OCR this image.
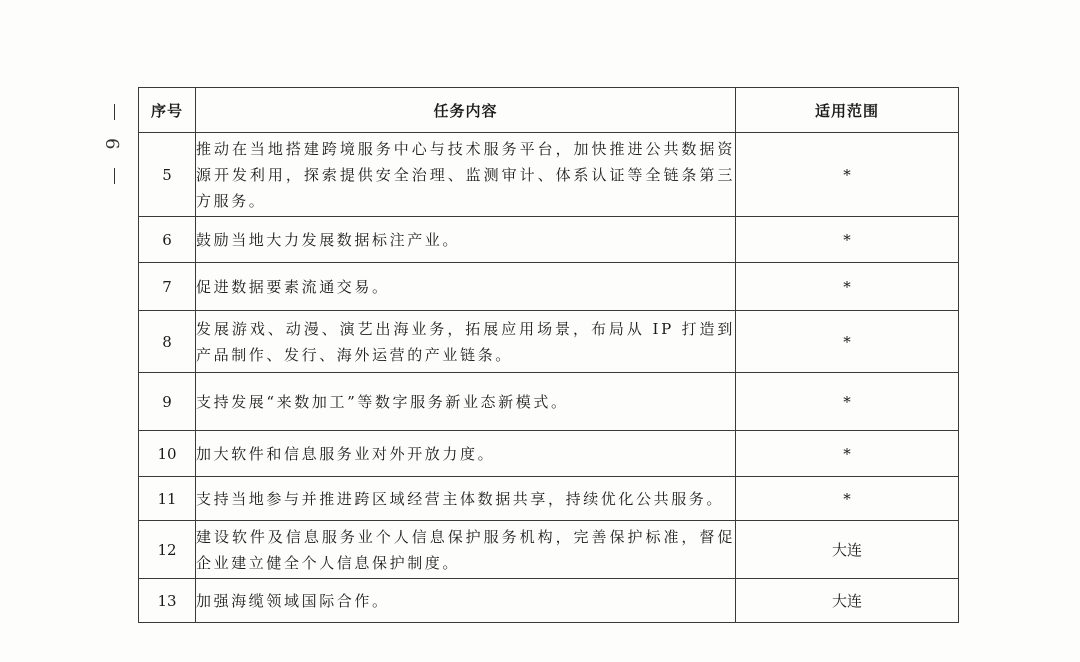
9
序号	任务内容	适用范围
5	推动在当地搭建跨境服务中心与技术服务平台，加快推进公共数据资源开发利用，探索提供安全治理、监测审计、体系认证等全链条第三方服务。	*
6	鼓励当地大力发展数据标注产业。	*
7	促进数据要素流通交易。	*
8	发展游戏、动漫、演艺出海业务，拓展应用场景，布局从 IP 打造到产品制作、发行、海外运营的产业链条。	*
9	支持发展“来数加工”等数字服务新业态新模式。	*
10	加大软件和信息服务业对外开放力度。	*
11	支持当地参与并推进跨区域经营主体数据共享，持续优化公共服务。	*
12	建设软件及信息服务业个人信息保护服务机构，完善保护标准，督促企业建立健全个人信息保护制度。	大连
13	加强海缆领域国际合作。	大连
